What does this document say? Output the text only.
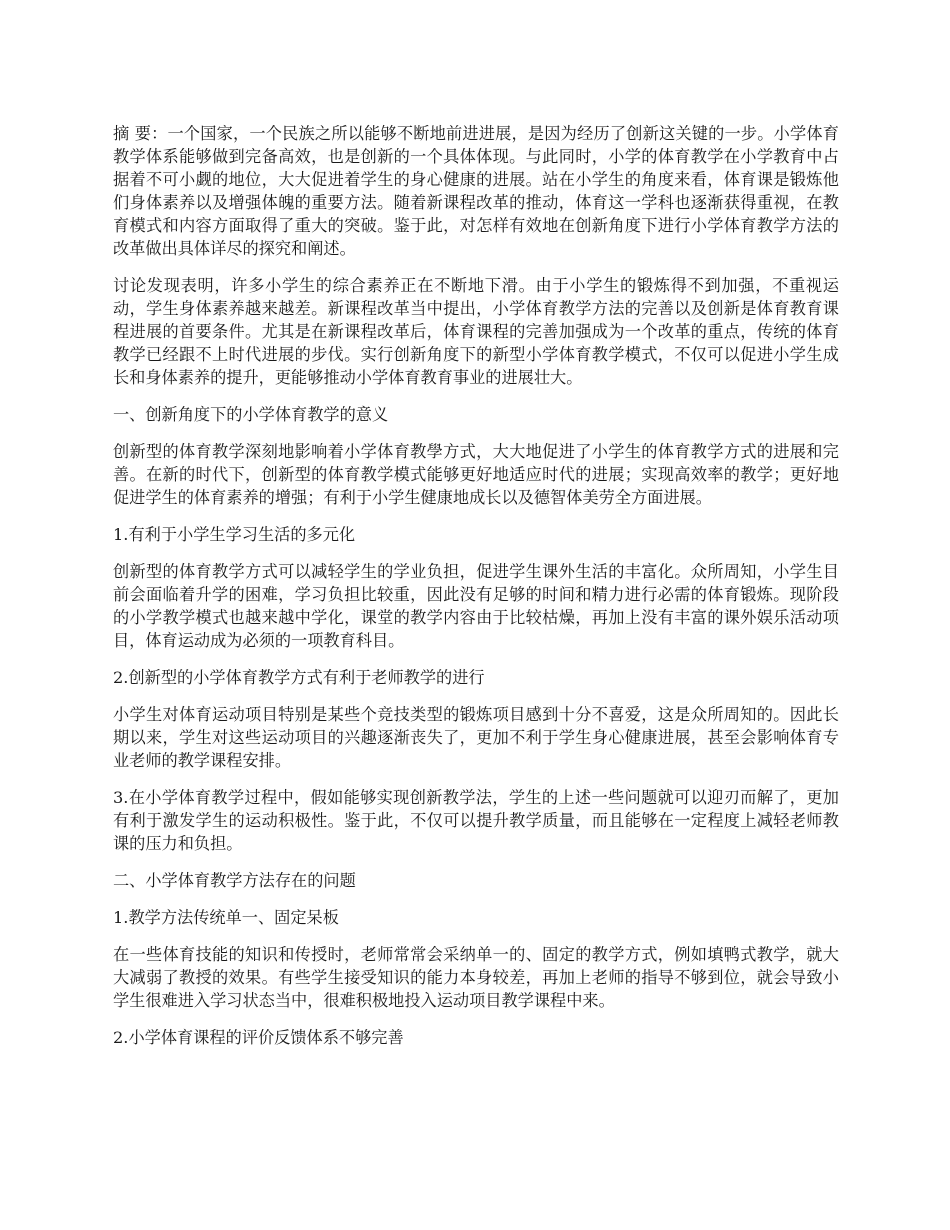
摘 要：一个国家，一个民族之所以能够不断地前进进展，是因为经历了创新这关键的一步。小学体育教学体系能够做到完备高效，也是创新的一个具体体现。与此同时，小学的体育教学在小学教育中占据着不可小觑的地位，大大促进着学生的身心健康的进展。站在小学生的角度来看，体育课是锻炼他们身体素养以及增强体魄的重要方法。随着新课程改革的推动，体育这一学科也逐渐获得重视，在教育模式和内容方面取得了重大的突破。鉴于此，对怎样有效地在创新角度下进行小学体育教学方法的改革做出具体详尽的探究和阐述。

讨论发现表明，许多小学生的综合素养正在不断地下滑。由于小学生的锻炼得不到加强，不重视运动，学生身体素养越来越差。新课程改革当中提出，小学体育教学方法的完善以及创新是体育教育课程进展的首要条件。尤其是在新课程改革后，体育课程的完善加强成为一个改革的重点，传统的体育教学已经跟不上时代进展的步伐。实行创新角度下的新型小学体育教学模式，不仅可以促进小学生成长和身体素养的提升，更能够推动小学体育教育事业的进展壮大。

一、创新角度下的小学体育教学的意义

创新型的体育教学深刻地影响着小学体育教學方式，大大地促进了小学生的体育教学方式的进展和完善。在新的时代下，创新型的体育教学模式能够更好地适应时代的进展；实现高效率的教学；更好地促进学生的体育素养的增强；有利于小学生健康地成长以及德智体美劳全方面进展。

1.有利于小学生学习生活的多元化

创新型的体育教学方式可以减轻学生的学业负担，促进学生课外生活的丰富化。众所周知，小学生目前会面临着升学的困难，学习负担比较重，因此没有足够的时间和精力进行必需的体育锻炼。现阶段的小学教学模式也越来越中学化，课堂的教学内容由于比较枯燥，再加上没有丰富的课外娱乐活动项目，体育运动成为必须的一项教育科目。

2.创新型的小学体育教学方式有利于老师教学的进行

小学生对体育运动项目特别是某些个竞技类型的锻炼项目感到十分不喜爱，这是众所周知的。因此长期以来，学生对这些运动项目的兴趣逐渐丧失了，更加不利于学生身心健康进展，甚至会影响体育专业老师的教学课程安排。

3.在小学体育教学过程中，假如能够实现创新教学法，学生的上述一些问题就可以迎刃而解了，更加有利于激发学生的运动积极性。鉴于此，不仅可以提升教学质量，而且能够在一定程度上减轻老师教课的压力和负担。

二、小学体育教学方法存在的问题

1.教学方法传统单一、固定呆板

在一些体育技能的知识和传授时，老师常常会采纳单一的、固定的教学方式，例如填鸭式教学，就大大减弱了教授的效果。有些学生接受知识的能力本身较差，再加上老师的指导不够到位，就会导致小学生很难进入学习状态当中，很难积极地投入运动项目教学课程中来。

2.小学体育课程的评价反馈体系不够完善
